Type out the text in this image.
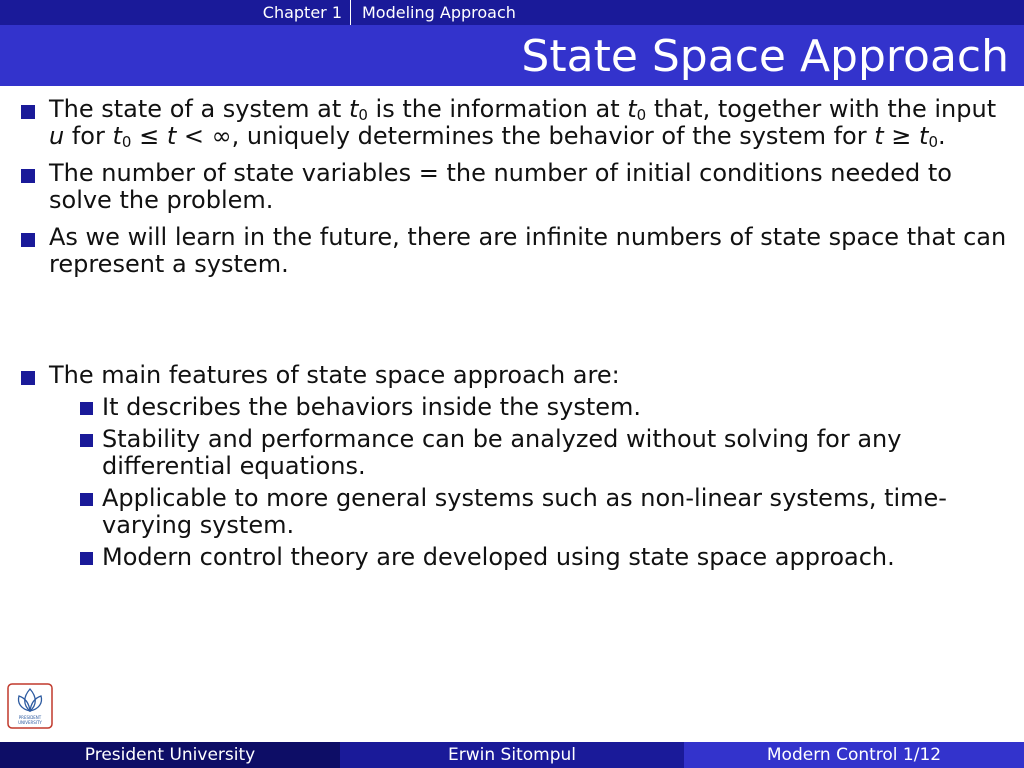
Chapter 1	Modeling Approach
State Space Approach
The state of a system at $t_0$ is the information at $t_0$ that, together with the input u for $t_0 \le t$ < ∞, uniquely determines the behavior of the system for $t \ge t_0$.
The number of state variables = the number of initial conditions needed to solve the problem.
As we will learn in the future, there are infinite numbers of state space that can represent a system.
The main features of state space approach are:
It describes the behaviors inside the system.
Stability and performance can be analyzed without solving for any differential equations.
Applicable to more general systems such as non-linear systems, time-varying system.
Modern control theory are developed using state space approach.
PRESIDENT
UNIVERSITY
President University	Erwin Sitompul	Modern Control 1/12
